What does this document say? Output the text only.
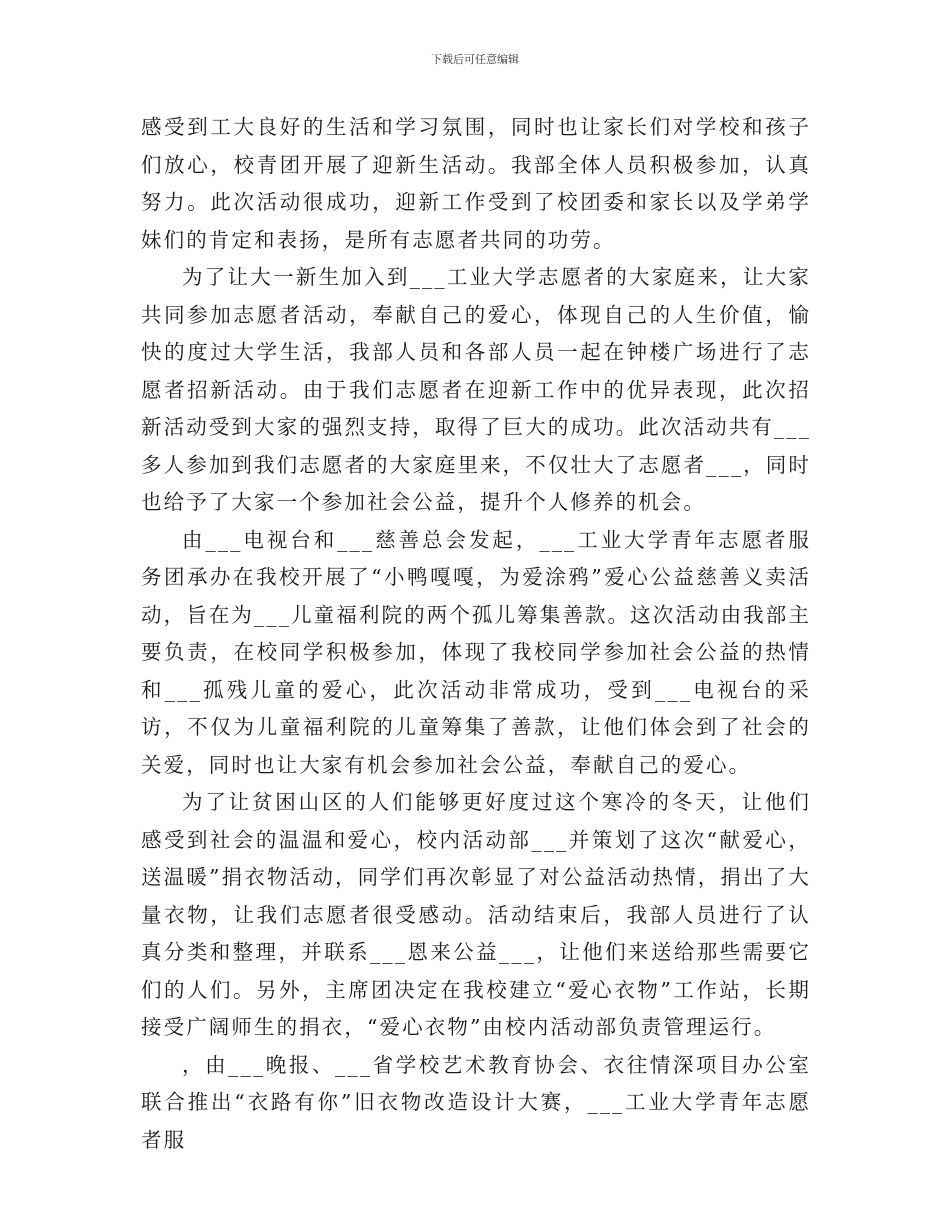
下载后可任意编辑

感受到工大良好的生活和学习氛围，同时也让家长们对学校和孩子们放心，校青团开展了迎新生活动。我部全体人员积极参加，认真努力。此次活动很成功，迎新工作受到了校团委和家长以及学弟学妹们的肯定和表扬，是所有志愿者共同的功劳。

为了让大一新生加入到___工业大学志愿者的大家庭来，让大家共同参加志愿者活动，奉献自己的爱心，体现自己的人生价值，愉快的度过大学生活，我部人员和各部人员一起在钟楼广场进行了志愿者招新活动。由于我们志愿者在迎新工作中的优异表现，此次招新活动受到大家的强烈支持，取得了巨大的成功。此次活动共有___多人参加到我们志愿者的大家庭里来，不仅壮大了志愿者___，同时也给予了大家一个参加社会公益，提升个人修养的机会。

由___电视台和___慈善总会发起，___工业大学青年志愿者服务团承办在我校开展了“小鸭嘎嘎，为爱涂鸦”爱心公益慈善义卖活动，旨在为___儿童福利院的两个孤儿筹集善款。这次活动由我部主要负责，在校同学积极参加，体现了我校同学参加社会公益的热情和___孤残儿童的爱心，此次活动非常成功，受到___电视台的采访，不仅为儿童福利院的儿童筹集了善款，让他们体会到了社会的关爱，同时也让大家有机会参加社会公益，奉献自己的爱心。

为了让贫困山区的人们能够更好度过这个寒冷的冬天，让他们感受到社会的温温和爱心，校内活动部___并策划了这次“献爱心，送温暖”捐衣物活动，同学们再次彰显了对公益活动热情，捐出了大量衣物，让我们志愿者很受感动。活动结束后，我部人员进行了认真分类和整理，并联系___恩来公益___，让他们来送给那些需要它们的人们。另外，主席团决定在我校建立“爱心衣物”工作站，长期接受广阔师生的捐衣，“爱心衣物”由校内活动部负责管理运行。

，由___晚报、___省学校艺术教育协会、衣往情深项目办公室联合推出“衣路有你”旧衣物改造设计大赛，___工业大学青年志愿者服
